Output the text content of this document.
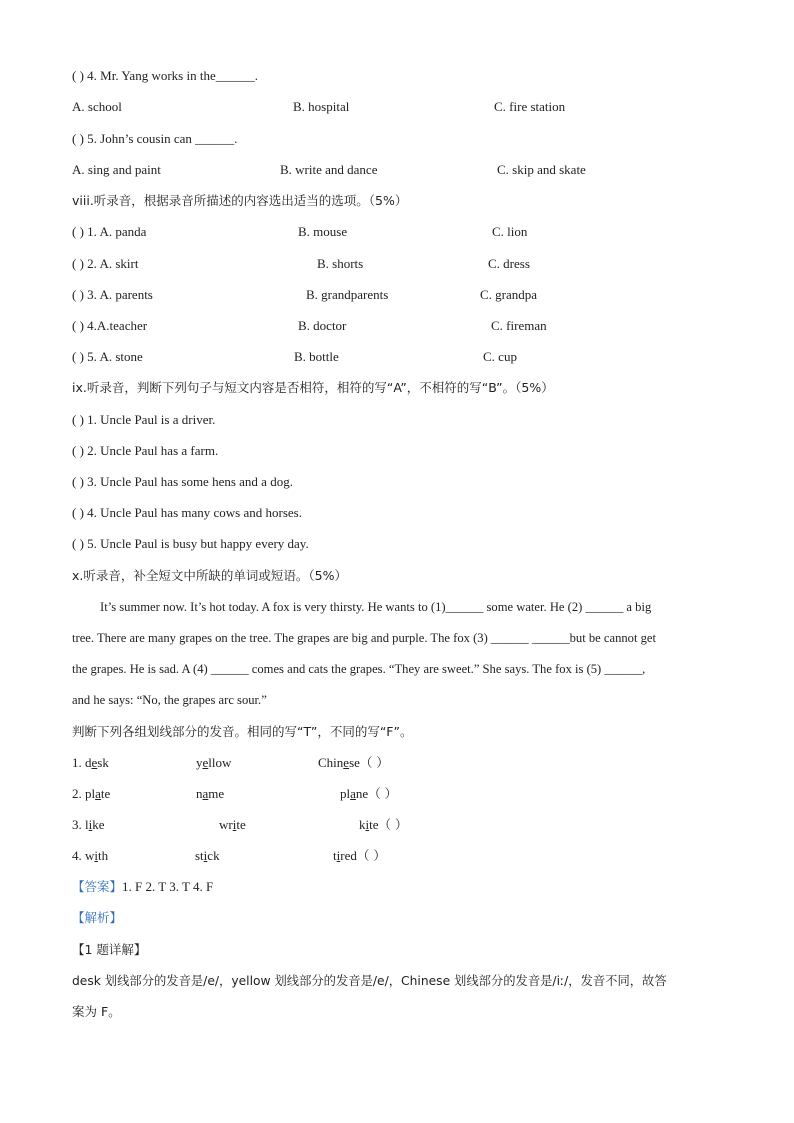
( ) 4. Mr. Yang works in the______.
A. school	B. hospital	C. fire station
( ) 5. John’s cousin can ______.
A. sing and paint	B. write and dance	C. skip and skate
viii.听录音，根据录音所描述的内容选出适当的选项。（5%）
( ) 1. A. panda	B. mouse	C. lion
( ) 2. A. skirt	B. shorts	C. dress
( ) 3. A. parents	B. grandparents	C. grandpa
( ) 4.A.teacher	B. doctor	C. fireman
( ) 5. A. stone	B. bottle	C. cup
ix.听录音，判断下列句子与短文内容是否相符，相符的写“A”，不相符的写“B”。（5%）
( ) 1. Uncle Paul is a driver.
( ) 2. Uncle Paul has a farm.
( ) 3. Uncle Paul has some hens and a dog.
( ) 4. Uncle Paul has many cows and horses.
( ) 5. Uncle Paul is busy but happy every day.
x.听录音，补全短文中所缺的单词或短语。（5%）
It’s summer now. It’s hot today. A fox is very thirsty. He wants to (1)______ some water. He (2) ______ a big
tree. There are many grapes on the tree. The grapes are big and purple. The fox (3) ______ ______but be cannot get
the grapes. He is sad. A (4) ______ comes and cats the grapes. “They are sweet.” She says. The fox is (5) ______,
and he says: “No, the grapes arc sour.”
判断下列各组划线部分的发音。相同的写“T”，不同的写“F”。
1. desk	yellow	Chinese（ ）
2. plate	name	plane（ ）
3. like	write	kite（ ）
4. with	stick	tired（ ）
【答案】1. F 2. T 3. T 4. F
【解析】
【1 题详解】
desk 划线部分的发音是/e/，yellow 划线部分的发音是/e/，Chinese 划线部分的发音是/iː/，发音不同，故答
案为 F。
